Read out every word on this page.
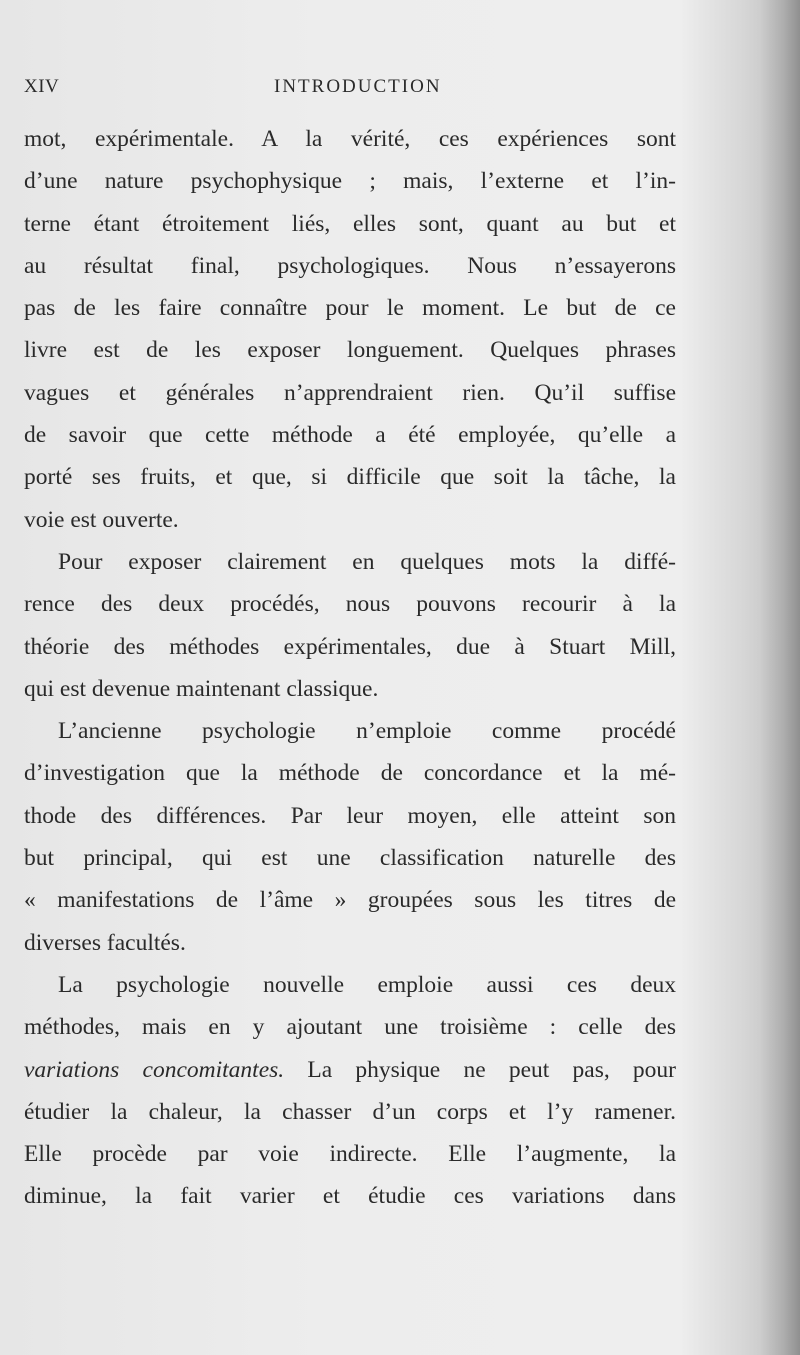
XIV	INTRODUCTION
mot, expérimentale. A la vérité, ces expériences sont
d’une nature psychophysique ; mais, l’externe et l’in-
terne étant étroitement liés, elles sont, quant au but et
au résultat final, psychologiques. Nous n’essayerons
pas de les faire connaître pour le moment. Le but de ce
livre est de les exposer longuement. Quelques phrases
vagues et générales n’apprendraient rien. Qu’il suffise
de savoir que cette méthode a été employée, qu’elle a
porté ses fruits, et que, si difficile que soit la tâche, la
voie est ouverte.
Pour exposer clairement en quelques mots la diffé-
rence des deux procédés, nous pouvons recourir à la
théorie des méthodes expérimentales, due à Stuart Mill,
qui est devenue maintenant classique.
L’ancienne psychologie n’emploie comme procédé
d’investigation que la méthode de concordance et la mé-
thode des différences. Par leur moyen, elle atteint son
but principal, qui est une classification naturelle des
« manifestations de l’âme » groupées sous les titres de
diverses facultés.
La psychologie nouvelle emploie aussi ces deux
méthodes, mais en y ajoutant une troisième : celle des
variations concomitantes. La physique ne peut pas, pour
étudier la chaleur, la chasser d’un corps et l’y ramener.
Elle procède par voie indirecte. Elle l’augmente, la
diminue, la fait varier et étudie ces variations dans
